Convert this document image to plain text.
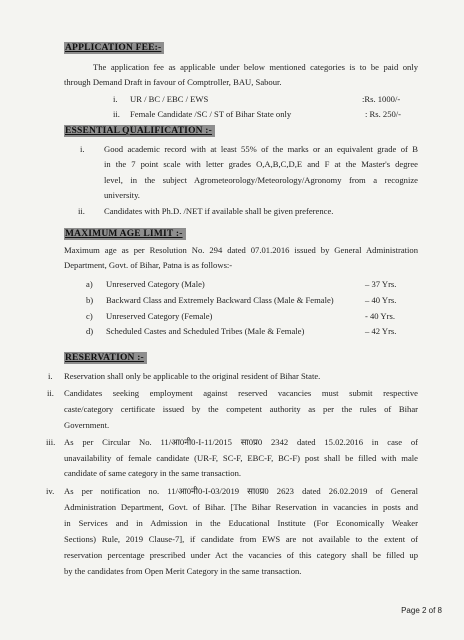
APPLICATION FEE:-
The application fee as applicable under below mentioned categories is to be paid only
through Demand Draft in favour of Comptroller, BAU, Sabour.
i. UR / BC / EBC / EWS	:Rs. 1000/-
ii. Female Candidate /SC / ST of Bihar State only	: Rs. 250/-
ESSENTIAL QUALIFICATION :-
i. Good academic record with at least 55% of the marks or an equivalent grade of B
in the 7 point scale with letter grades O,A,B,C,D,E and F at the Master's degree
level, in the subject Agrometeorology/Meteorology/Agronomy from a recognize
university.
ii. Candidates with Ph.D. /NET if available shall be given preference.
MAXIMUM AGE LIMIT :-
Maximum age as per Resolution No. 294 dated 07.01.2016 issued by General Administration
Department, Govt. of Bihar, Patna is as follows:-
a) Unreserved Category (Male)	– 37 Yrs.
b) Backward Class and Extremely Backward Class (Male & Female)	– 40 Yrs.
c) Unreserved Category (Female)	- 40 Yrs.
d) Scheduled Castes and Scheduled Tribes (Male & Female)	– 42 Yrs.
RESERVATION :-
i. Reservation shall only be applicable to the original resident of Bihar State.
ii. Candidates seeking employment against reserved vacancies must submit respective
caste/category certificate issued by the competent authority as per the rules of Bihar
Government.
iii. As per Circular No. 11/आ0नी0-I-11/2015 सा0प्र0 2342 dated 15.02.2016 in case of
unavailability of female candidate (UR-F, SC-F, EBC-F, BC-F) post shall be filled with male
candidate of same category in the same transaction.
iv. As per notification no. 11/आ0नी0-I-03/2019 सा0प्र0 2623 dated 26.02.2019 of General
Administration Department, Govt. of Bihar. [The Bihar Reservation in vacancies in posts and
in Services and in Admission in the Educational Institute (For Economically Weaker
Sections) Rule, 2019 Clause-7], if candidate from EWS are not available to the extent of
reservation percentage prescribed under Act the vacancies of this category shall be filled up
by the candidates from Open Merit Category in the same transaction.
Page 2 of 8
